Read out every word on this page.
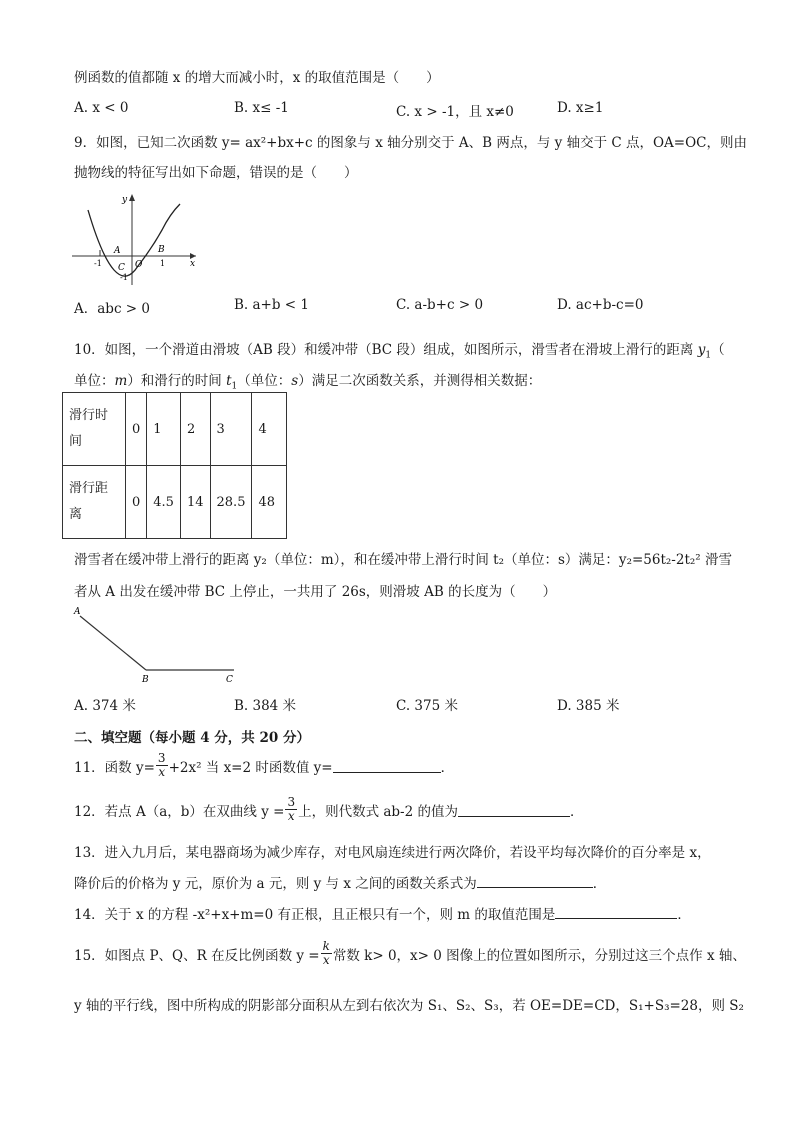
例函数的值都随 x 的增大而减小时，x 的取值范围是（　　）
A. x < 0	B. x≤ -1	C. x > -1，且 x≠0	D. x≥1
9．如图，已知二次函数 y= ax²+bx+c 的图象与 x 轴分别交于 A、B 两点，与 y 轴交于 C 点，OA=OC，则由
抛物线的特征写出如下命题，错误的是（　　）
y
x
A	B
O
C
-1	1
-1
A．abc > 0	B. a+b < 1	C. a-b+c > 0	D. ac+b-c=0
10．如图，一个滑道由滑坡（AB 段）和缓冲带（BC 段）组成，如图所示，滑雪者在滑坡上滑行的距离 $y_1$（
单位：m）和滑行的时间 $t_1$（单位：s）满足二次函数关系，并测得相关数据：
滑行时间	0	1	2	3	4
滑行距离	0	4.5	14	28.5	48
滑雪者在缓冲带上滑行的距离 y₂（单位：m），和在缓冲带上滑行时间 t₂（单位：s）满足：y₂=56t₂-2t₂² 滑雪
者从 A 出发在缓冲带 BC 上停止，一共用了 26s，则滑坡 AB 的长度为（　　）
A
B	C
A. 374 米	B. 384 米	C. 375 米	D. 385 米
二、填空题（每小题 4 分，共 20 分）
11．函数 $y= \frac{3}{x} +2x^2$ 当 x=2 时函数值 y=	．
12．若点 A（a，b）在双曲线 $y = \frac{3}{x}$ 上，则代数式 ab-2 的值为	．
13．进入九月后，某电器商场为减少库存，对电风扇连续进行两次降价，若设平均每次降价的百分率是 x，
降价后的价格为 y 元，原价为 a 元，则 y 与 x 之间的函数关系式为	．
14．关于 x 的方程 -x²+x+m=0 有正根，且正根只有一个，则 m 的取值范围是	．
15．如图点 P、Q、R 在反比例函数 $y = \frac{k}{x}$ 常数 k> 0，x> 0 图像上的位置如图所示，分别过这三个点作 x 轴、
y 轴的平行线，图中所构成的阴影部分面积从左到右依次为 S₁、S₂、S₃，若 OE=DE=CD，S₁+S₃=28，则 S₂
